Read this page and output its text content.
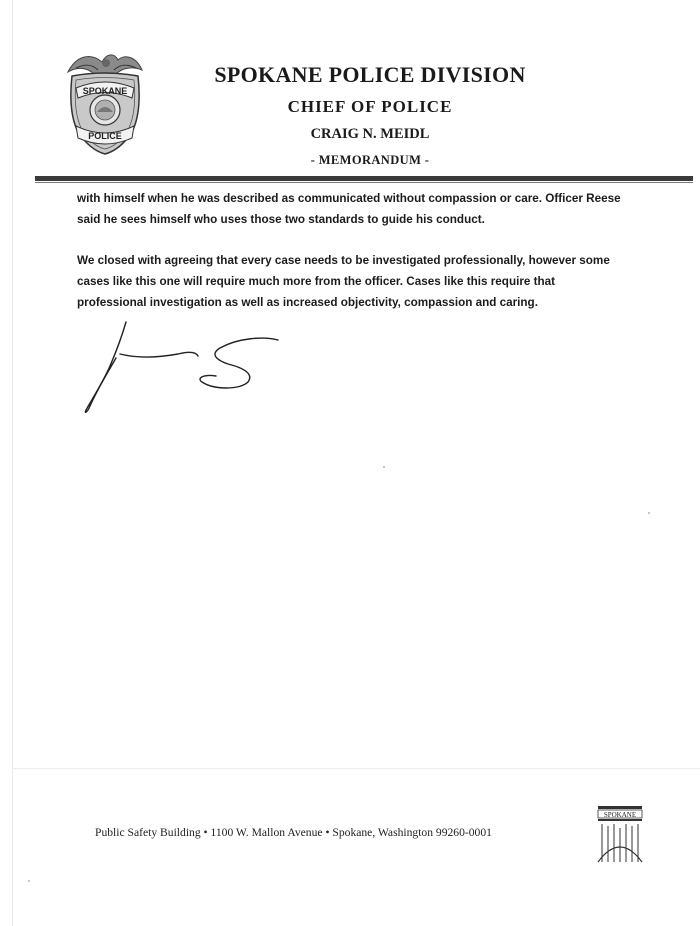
SPOKANE
POLICE
SPOKANE POLICE DIVISION
CHIEF OF POLICE
CRAIG N. MEIDL
- MEMORANDUM -

with himself when he was described as communicated without compassion or care. Officer Reese
said he sees himself who uses those two standards to guide his conduct.

We closed with agreeing that every case needs to be investigated professionally, however some
cases like this one will require much more from the officer. Cases like this require that
professional investigation as well as increased objectivity, compassion and caring.

Public Safety Building • 1100 W. Mallon Avenue • Spokane, Washington 99260-0001
SPOKANE
